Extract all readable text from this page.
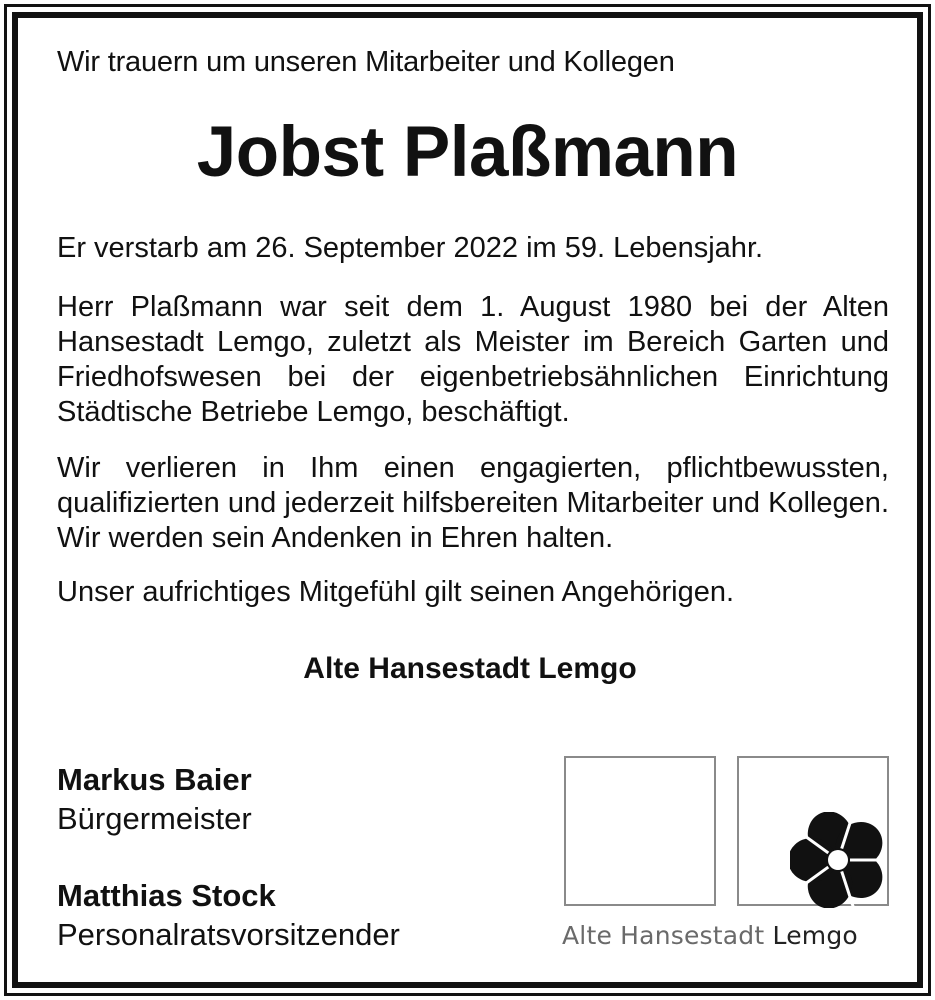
Wir trauern um unseren Mitarbeiter und Kollegen

Jobst Plaßmann

Er verstarb am 26. September 2022 im 59. Lebensjahr.

Herr Plaßmann war seit dem 1. August 1980 bei der Alten Hansestadt Lemgo, zuletzt als Meister im Bereich Garten und Friedhofswesen bei der eigenbetriebsähnlichen Einrichtung Städtische Betriebe Lemgo, beschäftigt.

Wir verlieren in Ihm einen engagierten, pflichtbewussten, qualifizierten und jederzeit hilfsbereiten Mitarbeiter und Kollegen. Wir werden sein Andenken in Ehren halten.

Unser aufrichtiges Mitgefühl gilt seinen Angehörigen.

Alte Hansestadt Lemgo

Markus Baier

Bürgermeister

Matthias Stock

Personalratsvorsitzender	Alte Hansestadt Lemgo
